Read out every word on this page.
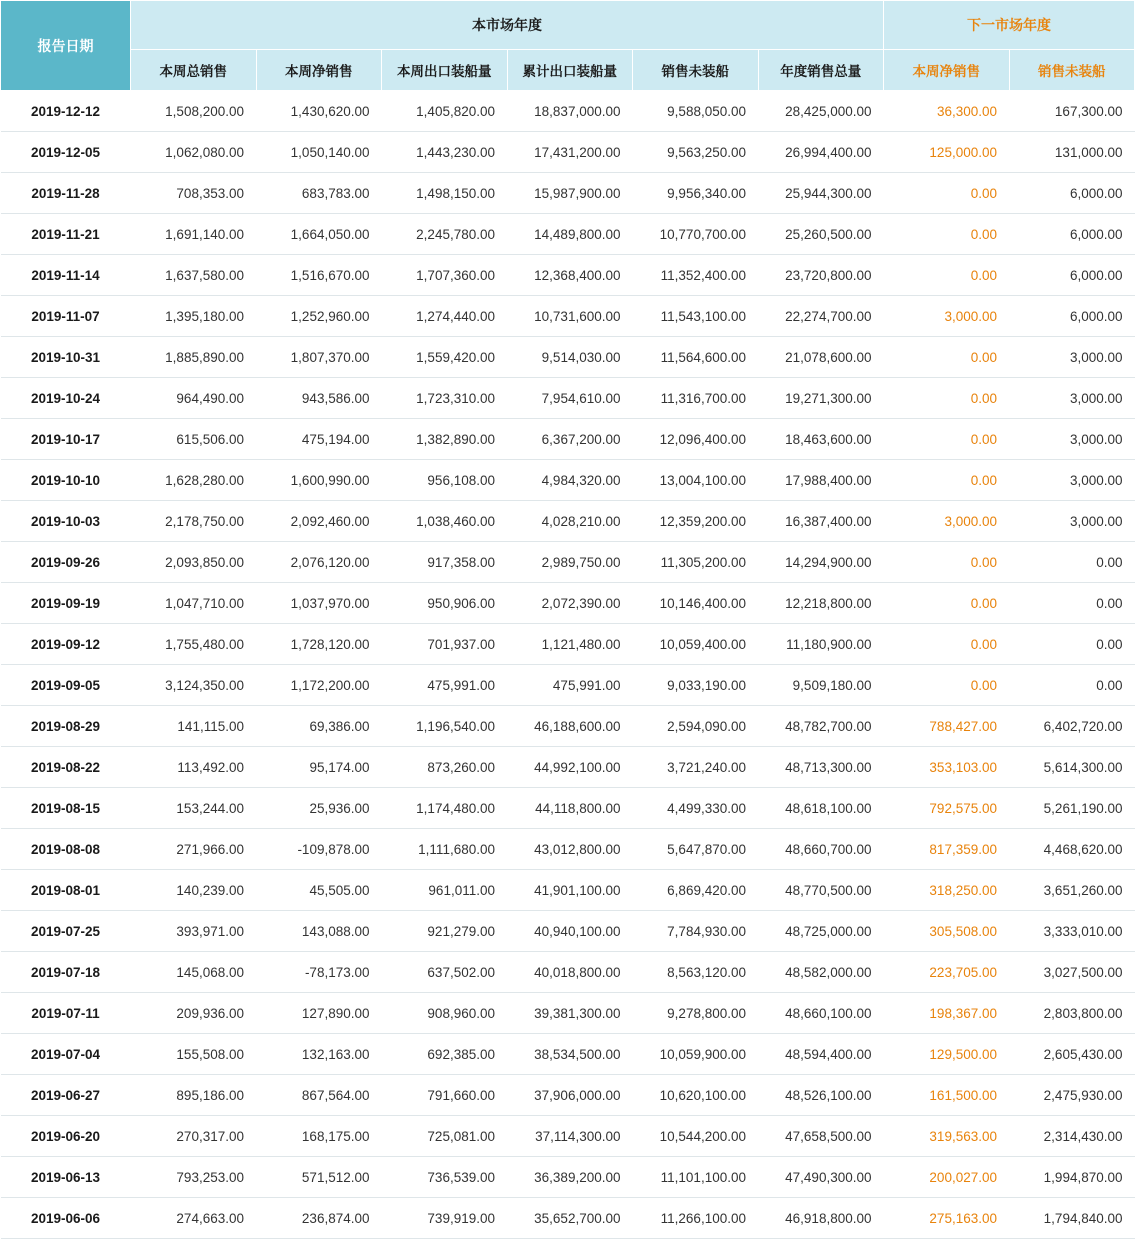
报告日期	本市场年度						下一市场年度	
	本周总销售	本周净销售	本周出口装船量	累计出口装船量	销售未装船	年度销售总量	本周净销售	销售未装船
2019-12-12	1,508,200.00	1,430,620.00	1,405,820.00	18,837,000.00	9,588,050.00	28,425,000.00	36,300.00	167,300.00
2019-12-05	1,062,080.00	1,050,140.00	1,443,230.00	17,431,200.00	9,563,250.00	26,994,400.00	125,000.00	131,000.00
2019-11-28	708,353.00	683,783.00	1,498,150.00	15,987,900.00	9,956,340.00	25,944,300.00	0.00	6,000.00
2019-11-21	1,691,140.00	1,664,050.00	2,245,780.00	14,489,800.00	10,770,700.00	25,260,500.00	0.00	6,000.00
2019-11-14	1,637,580.00	1,516,670.00	1,707,360.00	12,368,400.00	11,352,400.00	23,720,800.00	0.00	6,000.00
2019-11-07	1,395,180.00	1,252,960.00	1,274,440.00	10,731,600.00	11,543,100.00	22,274,700.00	3,000.00	6,000.00
2019-10-31	1,885,890.00	1,807,370.00	1,559,420.00	9,514,030.00	11,564,600.00	21,078,600.00	0.00	3,000.00
2019-10-24	964,490.00	943,586.00	1,723,310.00	7,954,610.00	11,316,700.00	19,271,300.00	0.00	3,000.00
2019-10-17	615,506.00	475,194.00	1,382,890.00	6,367,200.00	12,096,400.00	18,463,600.00	0.00	3,000.00
2019-10-10	1,628,280.00	1,600,990.00	956,108.00	4,984,320.00	13,004,100.00	17,988,400.00	0.00	3,000.00
2019-10-03	2,178,750.00	2,092,460.00	1,038,460.00	4,028,210.00	12,359,200.00	16,387,400.00	3,000.00	3,000.00
2019-09-26	2,093,850.00	2,076,120.00	917,358.00	2,989,750.00	11,305,200.00	14,294,900.00	0.00	0.00
2019-09-19	1,047,710.00	1,037,970.00	950,906.00	2,072,390.00	10,146,400.00	12,218,800.00	0.00	0.00
2019-09-12	1,755,480.00	1,728,120.00	701,937.00	1,121,480.00	10,059,400.00	11,180,900.00	0.00	0.00
2019-09-05	3,124,350.00	1,172,200.00	475,991.00	475,991.00	9,033,190.00	9,509,180.00	0.00	0.00
2019-08-29	141,115.00	69,386.00	1,196,540.00	46,188,600.00	2,594,090.00	48,782,700.00	788,427.00	6,402,720.00
2019-08-22	113,492.00	95,174.00	873,260.00	44,992,100.00	3,721,240.00	48,713,300.00	353,103.00	5,614,300.00
2019-08-15	153,244.00	25,936.00	1,174,480.00	44,118,800.00	4,499,330.00	48,618,100.00	792,575.00	5,261,190.00
2019-08-08	271,966.00	-109,878.00	1,111,680.00	43,012,800.00	5,647,870.00	48,660,700.00	817,359.00	4,468,620.00
2019-08-01	140,239.00	45,505.00	961,011.00	41,901,100.00	6,869,420.00	48,770,500.00	318,250.00	3,651,260.00
2019-07-25	393,971.00	143,088.00	921,279.00	40,940,100.00	7,784,930.00	48,725,000.00	305,508.00	3,333,010.00
2019-07-18	145,068.00	-78,173.00	637,502.00	40,018,800.00	8,563,120.00	48,582,000.00	223,705.00	3,027,500.00
2019-07-11	209,936.00	127,890.00	908,960.00	39,381,300.00	9,278,800.00	48,660,100.00	198,367.00	2,803,800.00
2019-07-04	155,508.00	132,163.00	692,385.00	38,534,500.00	10,059,900.00	48,594,400.00	129,500.00	2,605,430.00
2019-06-27	895,186.00	867,564.00	791,660.00	37,906,000.00	10,620,100.00	48,526,100.00	161,500.00	2,475,930.00
2019-06-20	270,317.00	168,175.00	725,081.00	37,114,300.00	10,544,200.00	47,658,500.00	319,563.00	2,314,430.00
2019-06-13	793,253.00	571,512.00	736,539.00	36,389,200.00	11,101,100.00	47,490,300.00	200,027.00	1,994,870.00
2019-06-06	274,663.00	236,874.00	739,919.00	35,652,700.00	11,266,100.00	46,918,800.00	275,163.00	1,794,840.00
